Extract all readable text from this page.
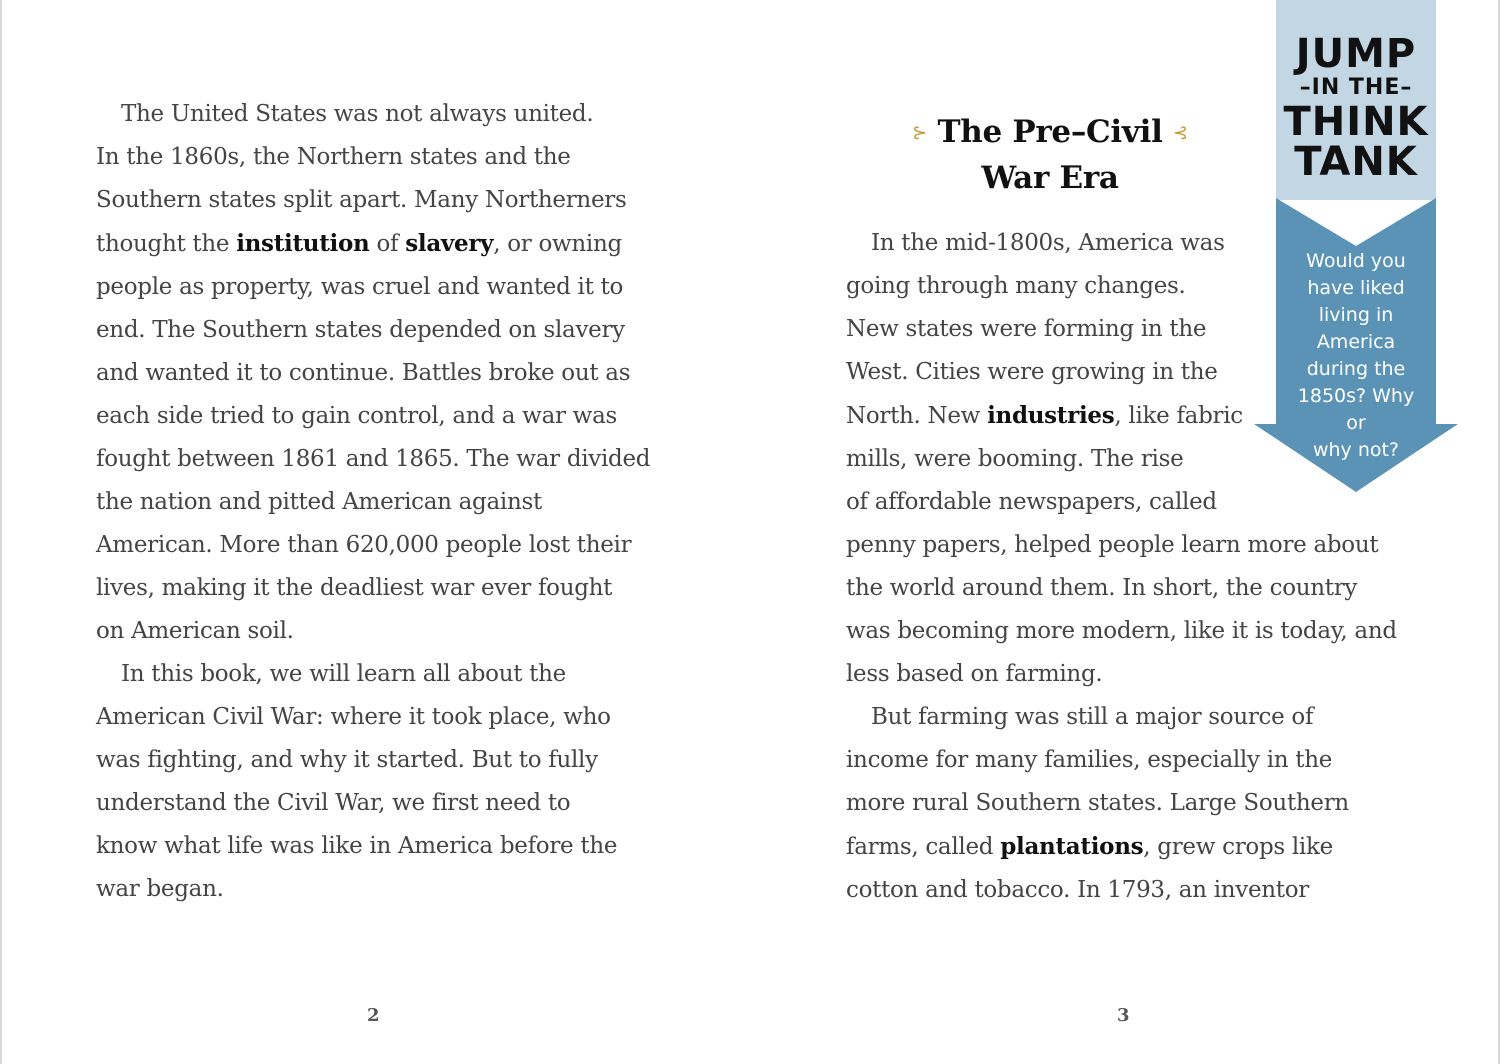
The United States was not always united.
In the 1860s, the Northern states and the
Southern states split apart. Many Northerners
thought the institution of slavery, or owning
people as property, was cruel and wanted it to
end. The Southern states depended on slavery
and wanted it to continue. Battles broke out as
each side tried to gain control, and a war was
fought between 1861 and 1865. The war divided
the nation and pitted American against
American. More than 620,000 people lost their
lives, making it the deadliest war ever fought
on American soil.
In this book, we will learn all about the
American Civil War: where it took place, who
was fighting, and why it started. But to fully
understand the Civil War, we first need to
know what life was like in America before the
war began.
2
⊱ The Pre–Civil ⊰
War Era
In the mid-1800s, America was
going through many changes.
New states were forming in the
West. Cities were growing in the
North. New industries, like fabric
mills, were booming. The rise
of affordable newspapers, called
penny papers, helped people learn more about
the world around them. In short, the country
was becoming more modern, like it is today, and
less based on farming.
But farming was still a major source of
income for many families, especially in the
more rural Southern states. Large Southern
farms, called plantations, grew crops like
cotton and tobacco. In 1793, an inventor
3
JUMP
–IN THE–
THINK
TANK
Would you
have liked
living in
America
during the
1850s? Why or
why not?
